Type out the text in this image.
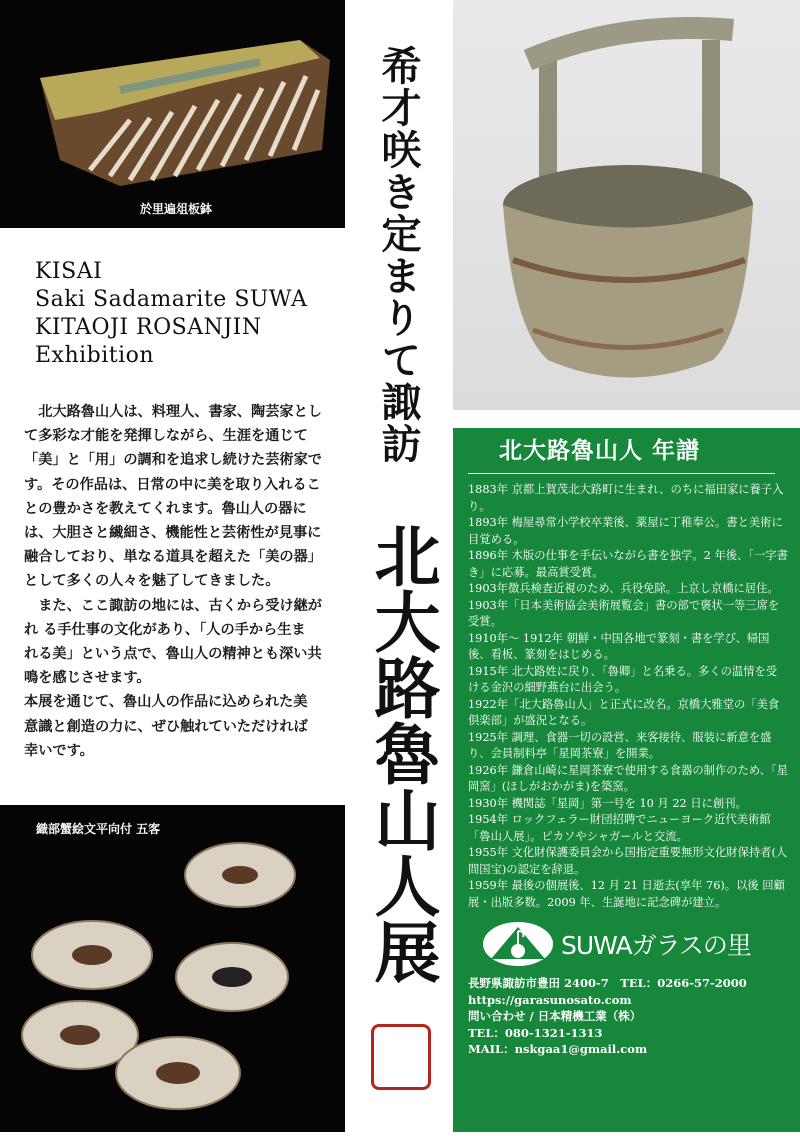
於里遍俎板鉢
KISAI
Saki Sadamarite SUWA
KITAOJI ROSANJIN
Exhibition
　北大路魯山人は、料理人、書家、陶芸家とし
て多彩な才能を発揮しながら、生涯を通じて
「美」と「用」の調和を追求し続けた芸術家で
す。その作品は、日常の中に美を取り入れるこ
との豊かさを教えてくれます。魯山人の器に
は、大胆さと繊細さ、機能性と芸術性が見事に
融合しており、単なる道具を超えた「美の器」
として多くの人々を魅了してきました。
　また、ここ諏訪の地には、古くから受け継が
れ る手仕事の文化があり、「人の手から生ま
れる美」という点で、魯山人の精神とも深い共
鳴を感じさせます。
本展を通じて、魯山人の作品に込められた美
意識と創造の力に、ぜひ触れていただければ
幸いです。
織部蟹絵文平向付 五客
希才咲き定まりて諏訪
北大路魯山人展
北大路魯山人 年譜
1883年 京都上賀茂北大路町に生まれ、のちに福田家に養子入り。
1893年 梅屋尋常小学校卒業後、薬屋に丁稚奉公。書と美術に目覚める。
1896年 木版の仕事を手伝いながら書を独学。2 年後、「一字書き」に応募。最高賞受賞。
1903年徴兵検査近視のため、兵役免除。上京し京橋に居住。
1903年「日本美術協会美術展覧会」書の部で褒状一等三席を受賞。
1910年～ 1912年 朝鮮・中国各地で篆刻・書を学び、帰国後、看板、篆刻をはじめる。
1915年 北大路姓に戻り、「魯卿」と名乗る。多くの温情を受ける金沢の細野燕台に出会う。
1922年「北大路魯山人」と正式に改名。京橋大雅堂の「美食倶楽部」が盛況となる。
1925年 調理、食器一切の設営、来客接待、服装に新意を盛り、会員制料亭「星岡茶寮」を開業。
1926年 鎌倉山崎に星岡茶寮で使用する食器の制作のため、「星岡窯」(ほしがおかがま)を築窯。
1930年 機関誌「星岡」第一号を 10 月 22 日に創刊。
1954年 ロックフェラー財団招聘でニューヨーク近代美術館「魯山人展」。ピカソやシャガールと交流。
1955年 文化財保護委員会から国指定重要無形文化財保持者(人間国宝)の認定を辞退。
1959年 最後の個展後、12 月 21 日逝去(享年 76)。以後 回顧展・出版多数。2009 年、生誕地に記念碑が建立。
SUWAガラスの里
長野県諏訪市豊田 2400-7　TEL：0266-57-2000
https://garasunosato.com
問い合わせ / 日本精機工業（株）
TEL：080-1321-1313
MAIL：nskgaa1@gmail.com
